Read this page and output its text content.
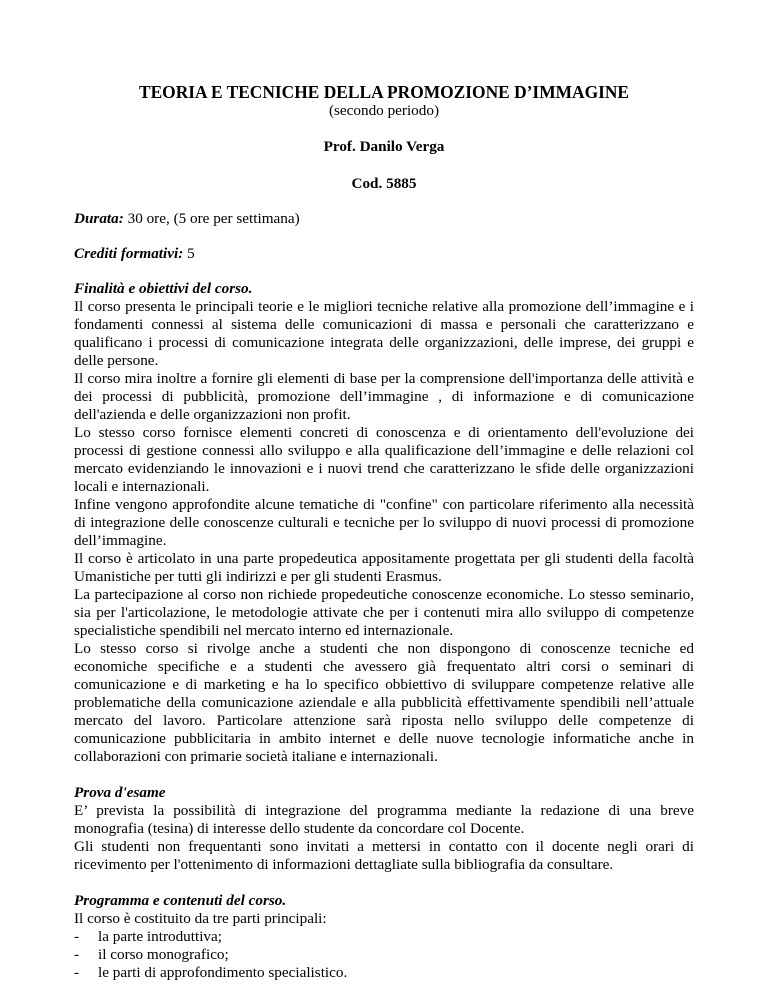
TEORIA E TECNICHE DELLA PROMOZIONE D’IMMAGINE

(secondo periodo)

Prof. Danilo Verga

Cod. 5885

Durata: 30 ore, (5 ore per settimana)

Crediti formativi: 5

Finalità e obiettivi del corso.

Il corso presenta le principali teorie e le migliori tecniche relative alla promozione dell’immagine e i fondamenti connessi al sistema delle comunicazioni di massa e personali che caratterizzano e qualificano i processi di comunicazione integrata delle organizzazioni, delle imprese, dei gruppi e delle persone.

Il corso mira inoltre a fornire gli elementi di base per la comprensione dell'importanza delle attività e dei processi di pubblicità, promozione dell’immagine , di informazione e di comunicazione dell'azienda e delle organizzazioni non profit.

Lo stesso corso fornisce elementi concreti di conoscenza e di orientamento dell'evoluzione dei processi di gestione connessi allo sviluppo e alla qualificazione dell’immagine e delle relazioni col mercato evidenziando le innovazioni e i nuovi trend che caratterizzano le sfide delle organizzazioni locali e internazionali.

Infine vengono approfondite alcune tematiche di "confine" con particolare riferimento alla necessità di integrazione delle conoscenze culturali e tecniche per lo sviluppo di nuovi processi di promozione dell’immagine.

Il corso è articolato in una parte propedeutica appositamente progettata per gli studenti della facoltà Umanistiche per tutti gli indirizzi e per gli studenti Erasmus.

La partecipazione al corso non richiede propedeutiche conoscenze economiche. Lo stesso seminario, sia per l'articolazione, le metodologie attivate che per i contenuti mira allo sviluppo di competenze specialistiche spendibili nel mercato interno ed internazionale.

Lo stesso corso si rivolge anche a studenti che non dispongono di conoscenze tecniche ed economiche specifiche e a studenti che avessero già frequentato altri corsi o seminari di comunicazione e di marketing e ha lo specifico obbiettivo di sviluppare competenze relative alle problematiche della comunicazione aziendale e alla pubblicità effettivamente spendibili nell’attuale mercato del lavoro. Particolare attenzione sarà riposta nello sviluppo delle competenze di comunicazione pubblicitaria in ambito internet e delle nuove tecnologie informatiche anche in collaborazioni con primarie società italiane e internazionali.

Prova d'esame

E’ prevista la possibilità di integrazione del programma mediante la redazione di una breve monografia (tesina) di interesse dello studente da concordare col Docente.

Gli studenti non frequentanti sono invitati a mettersi in contatto con il docente negli orari di ricevimento per l'ottenimento di informazioni dettagliate sulla bibliografia da consultare.

Programma e contenuti del corso.

Il corso è costituito da tre parti principali:

- la parte introduttiva;
- il corso monografico;
- le parti di approfondimento specialistico.
